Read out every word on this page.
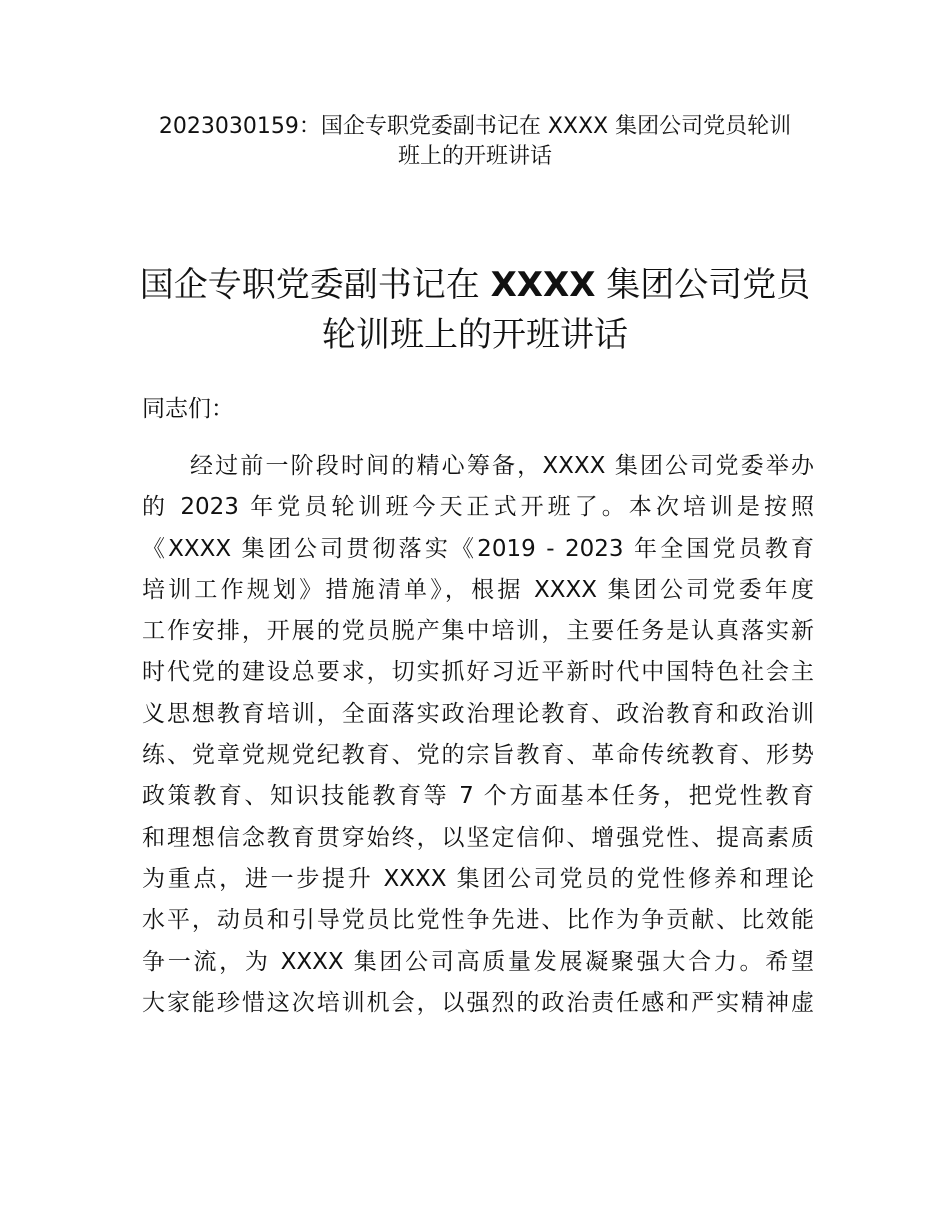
2023030159：国企专职党委副书记在 XXXX 集团公司党员轮训
班上的开班讲话
国企专职党委副书记在 XXXX 集团公司党员
轮训班上的开班讲话
同志们：
经过前一阶段时间的精心筹备，XXXX 集团公司党委举办
的 2023 年党员轮训班今天正式开班了。本次培训是按照
《XXXX 集团公司贯彻落实《2019 - 2023 年全国党员教育
培训工作规划》措施清单》，根据 XXXX 集团公司党委年度
工作安排，开展的党员脱产集中培训，主要任务是认真落实新
时代党的建设总要求，切实抓好习近平新时代中国特色社会主
义思想教育培训，全面落实政治理论教育、政治教育和政治训
练、党章党规党纪教育、党的宗旨教育、革命传统教育、形势
政策教育、知识技能教育等 7 个方面基本任务，把党性教育
和理想信念教育贯穿始终，以坚定信仰、增强党性、提高素质
为重点，进一步提升 XXXX 集团公司党员的党性修养和理论
水平，动员和引导党员比党性争先进、比作为争贡献、比效能
争一流，为 XXXX 集团公司高质量发展凝聚强大合力。希望
大家能珍惜这次培训机会，以强烈的政治责任感和严实精神虚
